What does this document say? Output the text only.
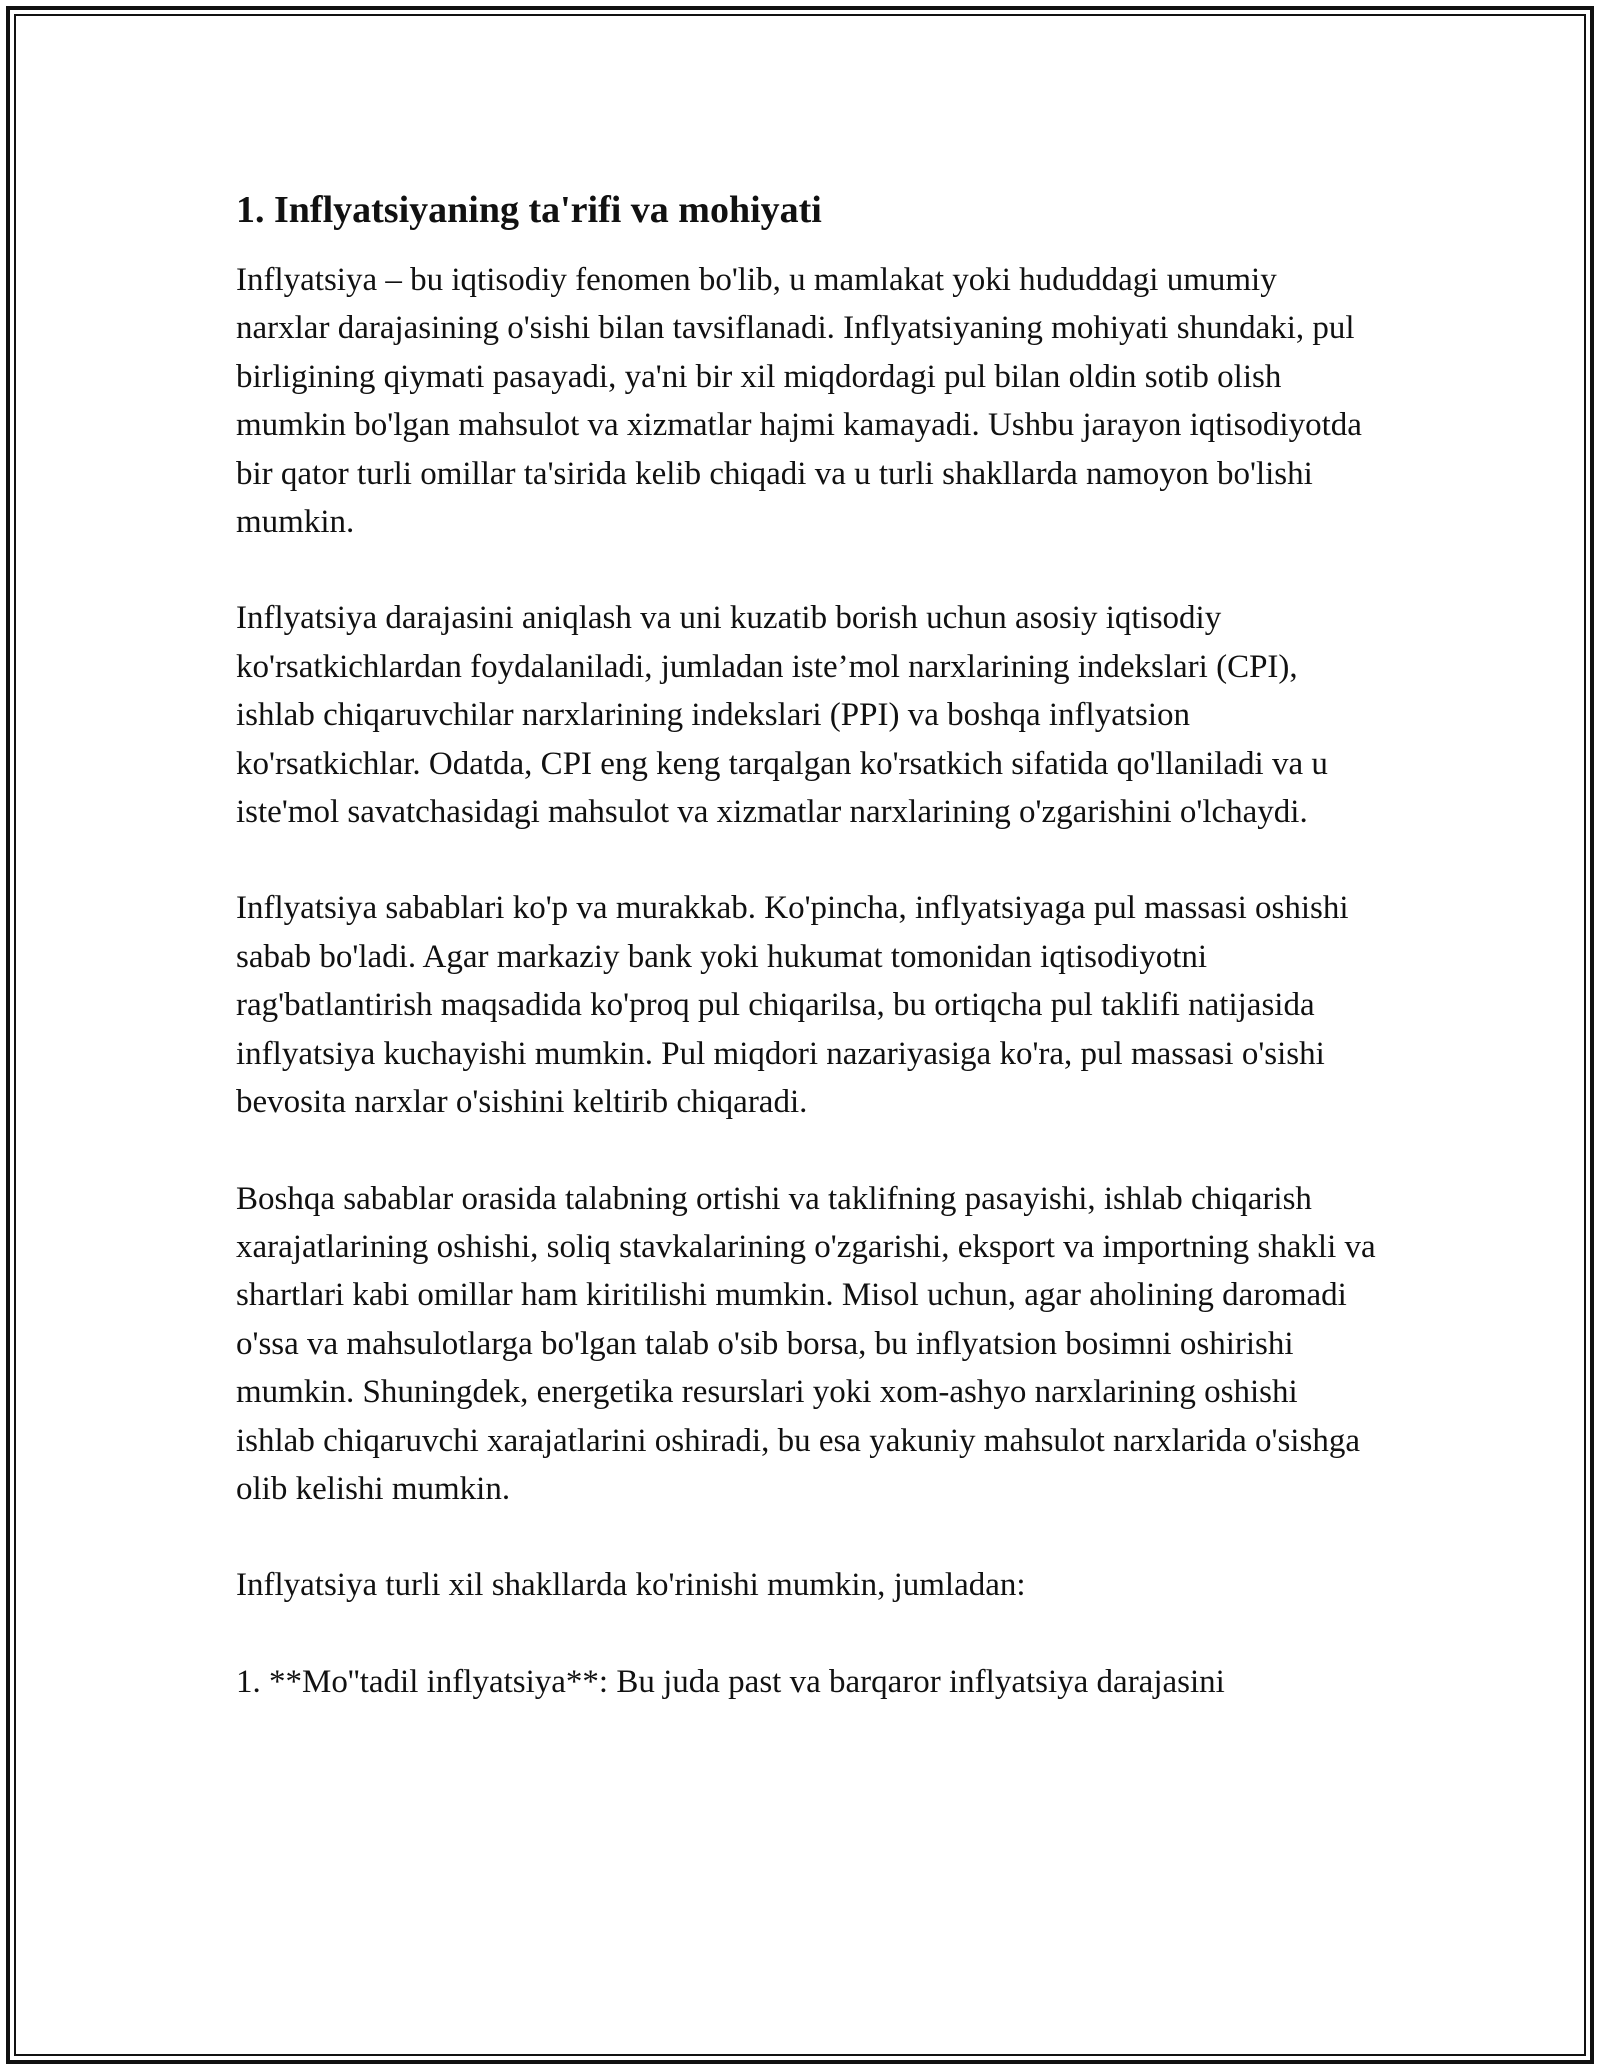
1. Inflyatsiyaning ta'rifi va mohiyati

Inflyatsiya – bu iqtisodiy fenomen bo'lib, u mamlakat yoki hududdagi umumiy narxlar darajasining o'sishi bilan tavsiflanadi. Inflyatsiyaning mohiyati shundaki, pul birligining qiymati pasayadi, ya'ni bir xil miqdordagi pul bilan oldin sotib olish mumkin bo'lgan mahsulot va xizmatlar hajmi kamayadi. Ushbu jarayon iqtisodiyotda bir qator turli omillar ta'sirida kelib chiqadi va u turli shakllarda namoyon bo'lishi mumkin.

Inflyatsiya darajasini aniqlash va uni kuzatib borish uchun asosiy iqtisodiy ko'rsatkichlardan foydalaniladi, jumladan iste’mol narxlarining indekslari (CPI), ishlab chiqaruvchilar narxlarining indekslari (PPI) va boshqa inflyatsion ko'rsatkichlar. Odatda, CPI eng keng tarqalgan ko'rsatkich sifatida qo'llaniladi va u iste'mol savatchasidagi mahsulot va xizmatlar narxlarining o'zgarishini o'lchaydi.

Inflyatsiya sabablari ko'p va murakkab. Ko'pincha, inflyatsiyaga pul massasi oshishi sabab bo'ladi. Agar markaziy bank yoki hukumat tomonidan iqtisodiyotni rag'batlantirish maqsadida ko'proq pul chiqarilsa, bu ortiqcha pul taklifi natijasida inflyatsiya kuchayishi mumkin. Pul miqdori nazariyasiga ko'ra, pul massasi o'sishi bevosita narxlar o'sishini keltirib chiqaradi.

Boshqa sabablar orasida talabning ortishi va taklifning pasayishi, ishlab chiqarish xarajatlarining oshishi, soliq stavkalarining o'zgarishi, eksport va importning shakli va shartlari kabi omillar ham kiritilishi mumkin. Misol uchun, agar aholining daromadi o'ssa va mahsulotlarga bo'lgan talab o'sib borsa, bu inflyatsion bosimni oshirishi mumkin. Shuningdek, energetika resurslari yoki xom-ashyo narxlarining oshishi ishlab chiqaruvchi xarajatlarini oshiradi, bu esa yakuniy mahsulot narxlarida o'sishga olib kelishi mumkin.

Inflyatsiya turli xil shakllarda ko'rinishi mumkin, jumladan:

1. **Mo''tadil inflyatsiya**: Bu juda past va barqaror inflyatsiya darajasini
